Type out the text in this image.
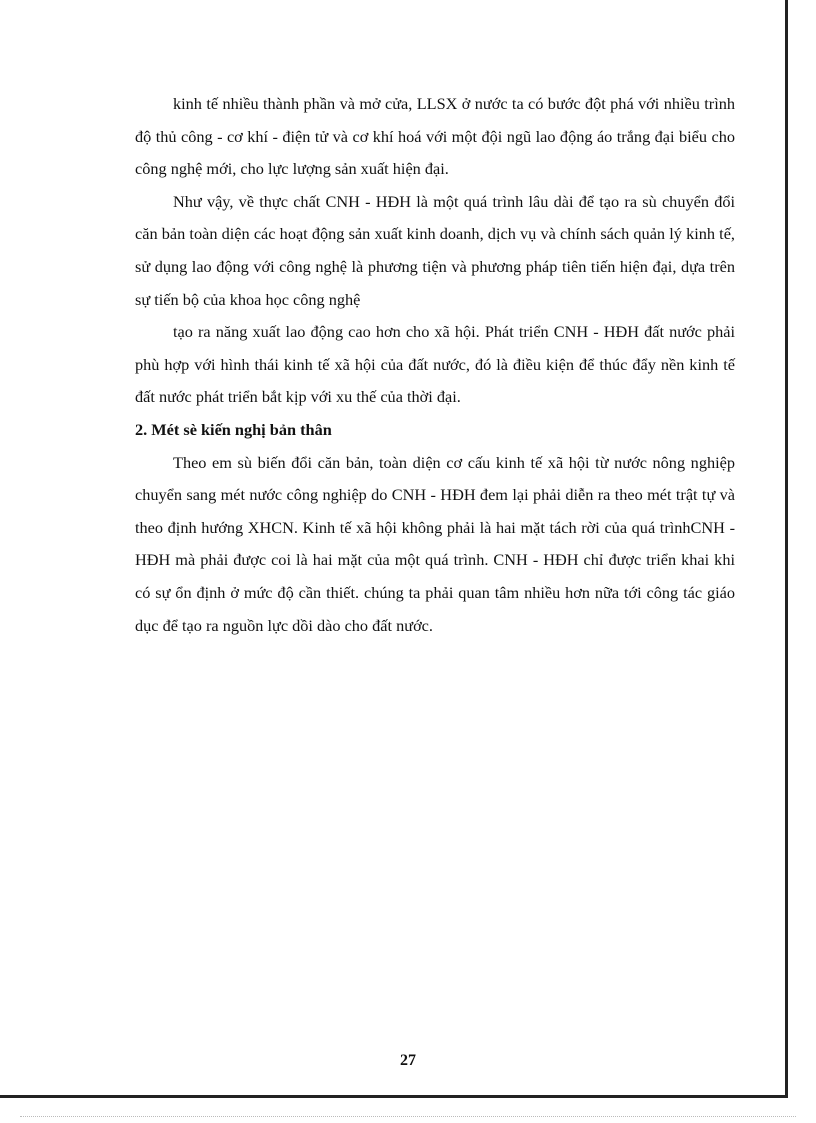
kinh tế nhiều thành phần và mở cửa, LLSX ở nước ta có bước đột phá với nhiều trình độ thủ công - cơ khí - điện tử và cơ khí hoá với một đội ngũ lao động áo trắng đại biểu cho công nghệ mới, cho lực lượng sản xuất hiện đại.

Như vậy, về thực chất CNH - HĐH là một quá trình lâu dài để tạo ra sù chuyển đổi căn bản toàn diện các hoạt động sản xuất kinh doanh, dịch vụ và chính sách quản lý kinh tế, sử dụng lao động với công nghệ là phương tiện và phương pháp tiên tiến hiện đại, dựa trên sự tiến bộ của khoa học công nghệ

tạo ra năng xuất lao động cao hơn cho xã hội. Phát triển CNH - HĐH đất nước phải phù hợp với hình thái kinh tế xã hội của đất nước, đó là điều kiện để thúc đẩy nền kinh tế đất nước phát triển bắt kịp với xu thế của thời đại.

2. Mét sè kiến nghị bản thân

Theo em sù biến đổi căn bản, toàn diện cơ cấu kinh tế xã hội từ nước nông nghiệp chuyển sang mét nước công nghiệp do CNH - HĐH đem lại phải diễn ra theo mét trật tự và theo định hướng XHCN. Kinh tế xã hội không phải là hai mặt tách rời của quá trìnhCNH - HĐH mà phải được coi là hai mặt của một quá trình. CNH - HĐH chỉ được triển khai khi có sự ổn định ở mức độ cần thiết. chúng ta phải quan tâm nhiều hơn nữa tới công tác giáo dục để tạo ra nguồn lực dồi dào cho đất nước.

27
